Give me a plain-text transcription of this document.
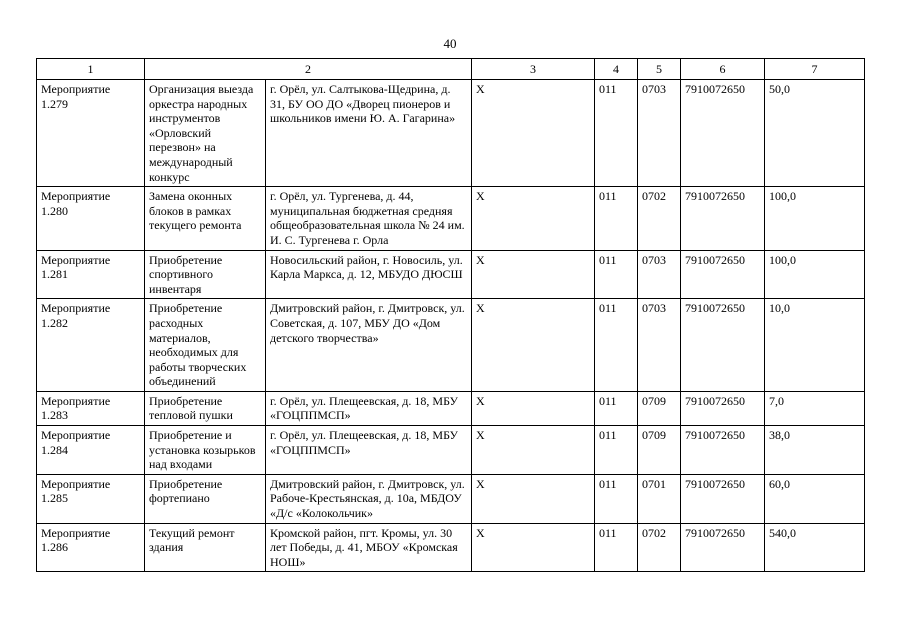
40
1	2		3	4	5	6	7
Мероприятие 1.279	Организация выезда оркестра народных инструментов «Орловский перезвон» на международный конкурс	г. Орёл, ул. Салтыкова-Щедрина, д. 31, БУ ОО ДО «Дворец пионеров и школьников имени Ю. А. Гагарина»	X	011	0703	7910072650	50,0
Мероприятие 1.280	Замена оконных блоков в рамках текущего ремонта	г. Орёл, ул. Тургенева, д. 44, муниципальная бюджетная средняя общеобразовательная школа № 24 им. И. С. Тургенева г. Орла	X	011	0702	7910072650	100,0
Мероприятие 1.281	Приобретение спортивного инвентаря	Новосильский район, г. Новосиль, ул. Карла Маркса, д. 12, МБУДО ДЮСШ	X	011	0703	7910072650	100,0
Мероприятие 1.282	Приобретение расходных материалов, необходимых для работы творческих объединений	Дмитровский район, г. Дмитровск, ул. Советская, д. 107, МБУ ДО «Дом детского творчества»	X	011	0703	7910072650	10,0
Мероприятие 1.283	Приобретение тепловой пушки	г. Орёл, ул. Плещеевская, д. 18, МБУ «ГОЦППМСП»	X	011	0709	7910072650	7,0
Мероприятие 1.284	Приобретение и установка козырьков над входами	г. Орёл, ул. Плещеевская, д. 18, МБУ «ГОЦППМСП»	X	011	0709	7910072650	38,0
Мероприятие 1.285	Приобретение фортепиано	Дмитровский район, г. Дмитровск, ул. Рабоче-Крестьянская, д. 10а, МБДОУ «Д/с «Колокольчик»	X	011	0701	7910072650	60,0
Мероприятие 1.286	Текущий ремонт здания	Кромской район, пгт. Кромы, ул. 30 лет Победы, д. 41, МБОУ «Кромская НОШ»	X	011	0702	7910072650	540,0
